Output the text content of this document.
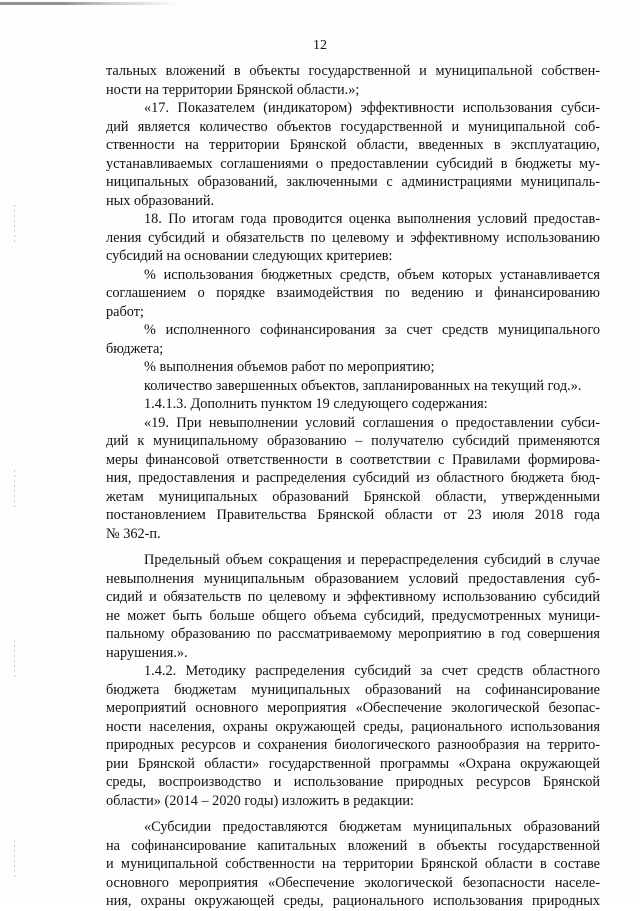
12
тальных вложений в объекты государственной и муниципальной собствен-
ности на территории Брянской области.»;
«17. Показателем (индикатором) эффективности использования субси-
дий является количество объектов государственной и муниципальной соб-
ственности на территории Брянской области, введенных в эксплуатацию,
устанавливаемых соглашениями о предоставлении субсидий в бюджеты му-
ниципальных образований, заключенными с администрациями муниципаль-
ных образований.
18. По итогам года проводится оценка выполнения условий предостав-
ления субсидий и обязательств по целевому и эффективному использованию
субсидий на основании следующих критериев:
% использования бюджетных средств, объем которых устанавливается
соглашением о порядке взаимодействия по ведению и финансированию
работ;
% исполненного софинансирования за счет средств муниципального
бюджета;
% выполнения объемов работ по мероприятию;
количество завершенных объектов, запланированных на текущий год.».
1.4.1.3. Дополнить пунктом 19 следующего содержания:
«19. При невыполнении условий соглашения о предоставлении субси-
дий к муниципальному образованию – получателю субсидий применяются
меры финансовой ответственности в соответствии с Правилами формирова-
ния, предоставления и распределения субсидий из областного бюджета бюд-
жетам муниципальных образований Брянской области, утвержденными
постановлением Правительства Брянской области от 23 июля 2018 года
№ 362-п.
Предельный объем сокращения и перераспределения субсидий в случае
невыполнения муниципальным образованием условий предоставления суб-
сидий и обязательств по целевому и эффективному использованию субсидий
не может быть больше общего объема субсидий, предусмотренных муници-
пальному образованию по рассматриваемому мероприятию в год совершения
нарушения.».
1.4.2. Методику распределения субсидий за счет средств областного
бюджета бюджетам муниципальных образований на софинансирование
мероприятий основного мероприятия «Обеспечение экологической безопас-
ности населения, охраны окружающей среды, рационального использования
природных ресурсов и сохранения биологического разнообразия на террито-
рии Брянской области» государственной программы «Охрана окружающей
среды, воспроизводство и использование природных ресурсов Брянской
области» (2014 – 2020 годы) изложить в редакции:
«Субсидии предоставляются бюджетам муниципальных образований
на софинансирование капитальных вложений в объекты государственной
и муниципальной собственности на территории Брянской области в составе
основного мероприятия «Обеспечение экологической безопасности населе-
ния, охраны окружающей среды, рационального использования природных
